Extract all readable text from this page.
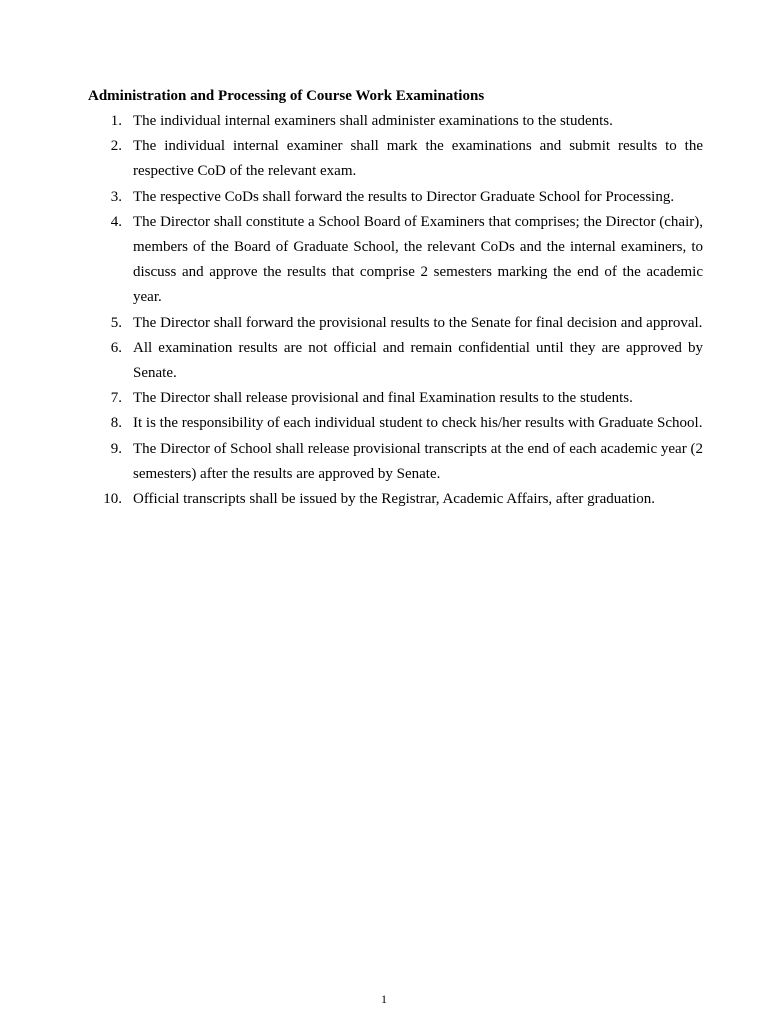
Administration and Processing of Course Work Examinations
1. The individual internal examiners shall administer examinations to the students.
2. The individual internal examiner shall mark the examinations and submit results to the respective CoD of the relevant exam.
3. The respective CoDs shall forward the results to Director Graduate School for Processing.
4. The Director shall constitute a School Board of Examiners that comprises; the Director (chair), members of the Board of Graduate School, the relevant CoDs and the internal examiners, to discuss and approve the results that comprise 2 semesters marking the end of the academic year.
5. The Director shall forward the provisional results to the Senate for final decision and approval.
6. All examination results are not official and remain confidential until they are approved by Senate.
7. The Director shall release provisional and final Examination results to the students.
8. It is the responsibility of each individual student to check his/her results with Graduate School.
9. The Director of School shall release provisional transcripts at the end of each academic year (2 semesters) after the results are approved by Senate.
10. Official transcripts shall be issued by the Registrar, Academic Affairs, after graduation.
1
